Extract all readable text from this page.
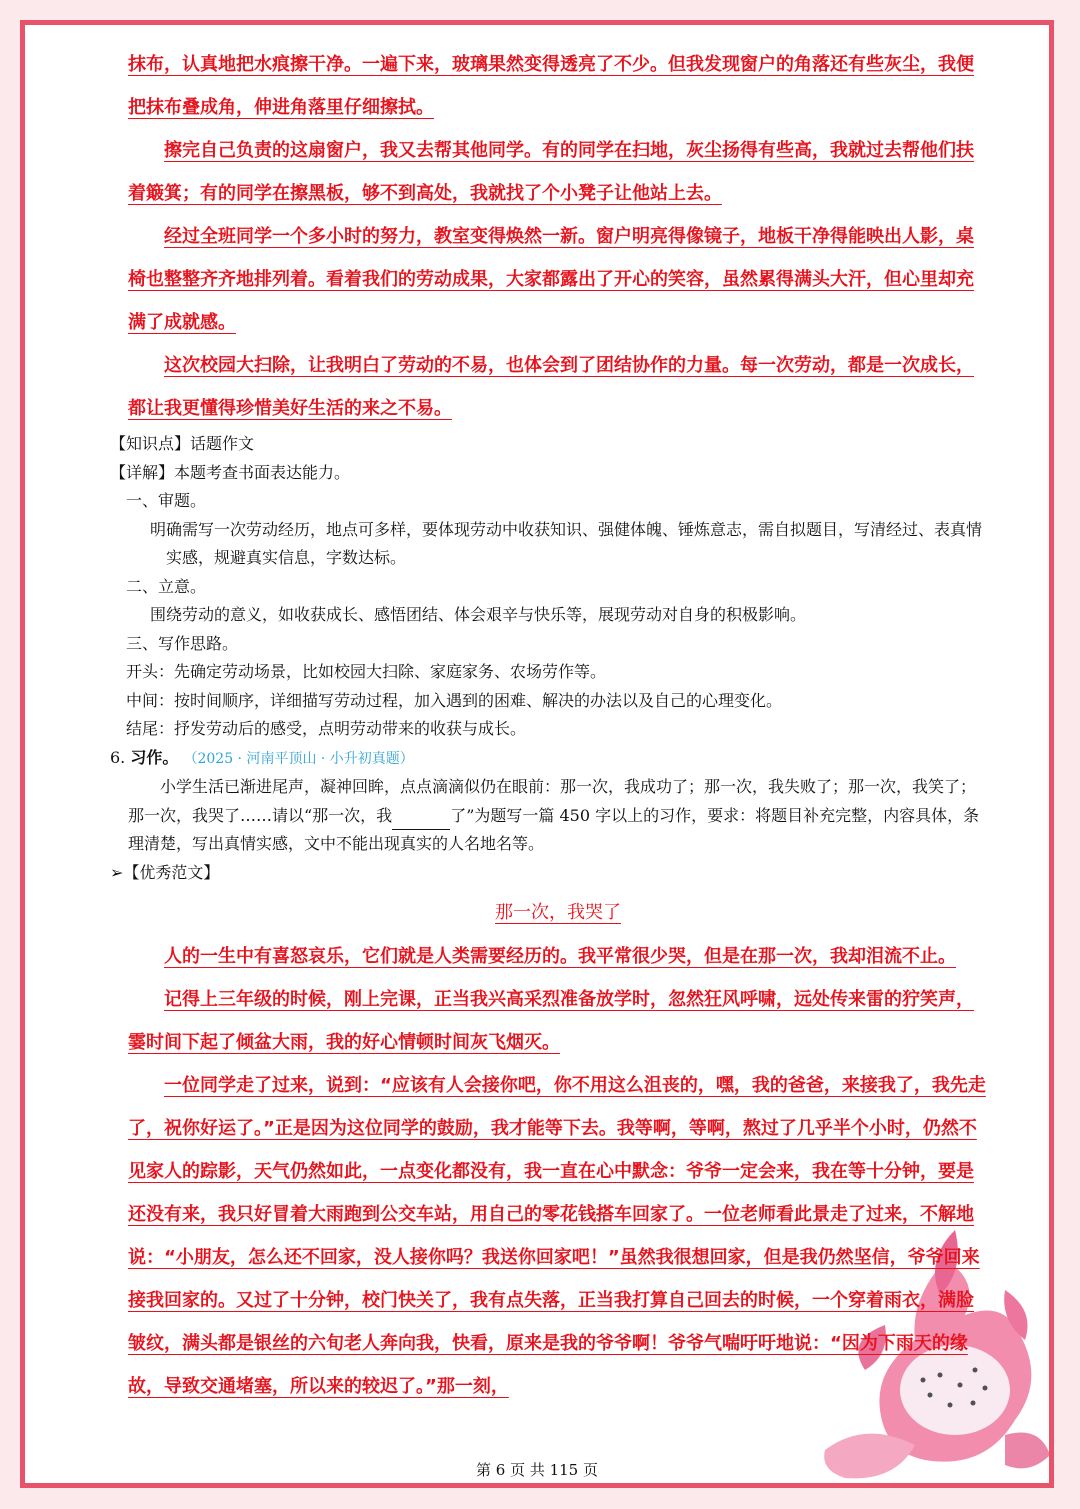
抹布，认真地把水痕擦干净。一遍下来，玻璃果然变得透亮了不少。但我发现窗户的角落还有些灰尘，我便把抹布叠成角，伸进角落里仔细擦拭。

擦完自己负责的这扇窗户，我又去帮其他同学。有的同学在扫地，灰尘扬得有些高，我就过去帮他们扶着簸箕；有的同学在擦黑板，够不到高处，我就找了个小凳子让他站上去。

经过全班同学一个多小时的努力，教室变得焕然一新。窗户明亮得像镜子，地板干净得能映出人影，桌椅也整整齐齐地排列着。看着我们的劳动成果，大家都露出了开心的笑容，虽然累得满头大汗，但心里却充满了成就感。

这次校园大扫除，让我明白了劳动的不易，也体会到了团结协作的力量。每一次劳动，都是一次成长，都让我更懂得珍惜美好生活的来之不易。

【知识点】话题作文

【详解】本题考查书面表达能力。

一、审题。

明确需写一次劳动经历，地点可多样，要体现劳动中收获知识、强健体魄、锤炼意志，需自拟题目，写清经过、表真情实感，规避真实信息，字数达标。

二、立意。

围绕劳动的意义，如收获成长、感悟团结、体会艰辛与快乐等，展现劳动对自身的积极影响。

三、写作思路。

开头：先确定劳动场景，比如校园大扫除、家庭家务、农场劳作等。

中间：按时间顺序，详细描写劳动过程，加入遇到的困难、解决的办法以及自己的心理变化。

结尾：抒发劳动后的感受，点明劳动带来的收获与成长。

6. 习作。 （2025 · 河南平顶山 · 小升初真题）

小学生活已渐进尾声，凝神回眸，点点滴滴似仍在眼前：那一次，我成功了；那一次，我失败了；那一次，我笑了；那一次，我哭了……请以“那一次，我	了”为题写一篇 450 字以上的习作，要求：将题目补充完整，内容具体，条理清楚，写出真情实感，文中不能出现真实的人名地名等。

➢【优秀范文】

那一次，我哭了

人的一生中有喜怒哀乐，它们就是人类需要经历的。我平常很少哭，但是在那一次，我却泪流不止。

记得上三年级的时候，刚上完课，正当我兴高采烈准备放学时，忽然狂风呼啸，远处传来雷的狞笑声，霎时间下起了倾盆大雨，我的好心情顿时间灰飞烟灭。

一位同学走了过来，说到：“应该有人会接你吧，你不用这么沮丧的，嘿，我的爸爸，来接我了，我先走了，祝你好运了。”正是因为这位同学的鼓励，我才能等下去。我等啊，等啊，熬过了几乎半个小时，仍然不见家人的踪影，天气仍然如此，一点变化都没有，我一直在心中默念：爷爷一定会来，我在等十分钟，要是还没有来，我只好冒着大雨跑到公交车站，用自己的零花钱搭车回家了。一位老师看此景走了过来，不解地说：“小朋友，怎么还不回家，没人接你吗？我送你回家吧！”虽然我很想回家，但是我仍然坚信，爷爷回来接我回家的。又过了十分钟，校门快关了，我有点失落，正当我打算自己回去的时候，一个穿着雨衣，满脸皱纹，满头都是银丝的六旬老人奔向我，快看，原来是我的爷爷啊！爷爷气喘吁吁地说：“因为下雨天的缘故，导致交通堵塞，所以来的较迟了。”那一刻，

第 6 页 共 115 页
